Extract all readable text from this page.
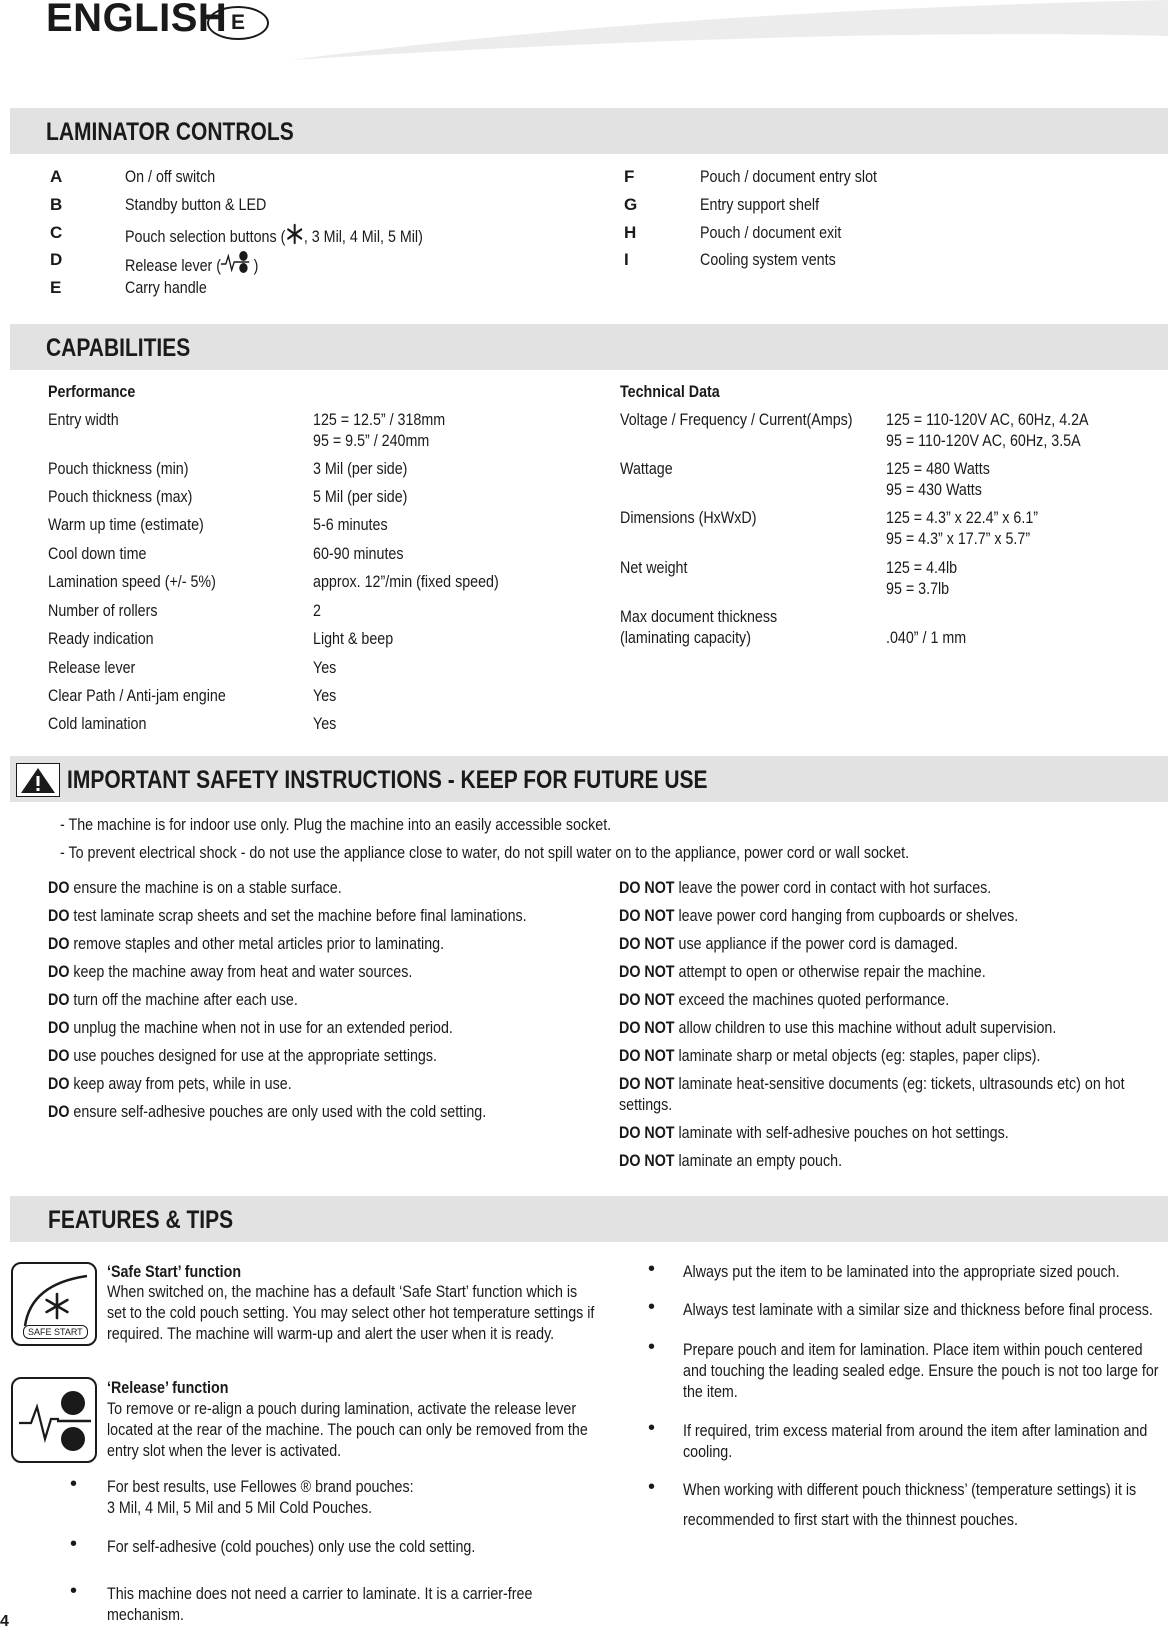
ENGLISH E
LAMINATOR CONTROLS
A	On / off switch
B	Standby button & LED
C	Pouch selection buttons ( , 3 Mil, 4 Mil, 5 Mil)
D	Release lever ( )
E	Carry handle
F	Pouch / document entry slot
G	Entry support shelf
H	Pouch / document exit
I	Cooling system vents
CAPABILITIES
Performance
Entry width	125 = 12.5” / 318mm
95 = 9.5” / 240mm
Pouch thickness (min)	3 Mil (per side)
Pouch thickness (max)	5 Mil (per side)
Warm up time (estimate)	5-6 minutes
Cool down time	60-90 minutes
Lamination speed (+/- 5%)	approx. 12”/min (fixed speed)
Number of rollers	2
Ready indication	Light & beep
Release lever	Yes
Clear Path / Anti-jam engine	Yes
Cold lamination	Yes
Technical Data
Voltage / Frequency / Current(Amps) 125 = 110-120V AC, 60Hz, 4.2A
95 = 110-120V AC, 60Hz, 3.5A
Wattage	125 = 480 Watts
95 = 430 Watts
Dimensions (HxWxD)	125 = 4.3” x 22.4” x 6.1”
95 = 4.3” x 17.7” x 5.7”
Net weight	125 = 4.4lb
95 = 3.7lb
Max document thickness
(laminating capacity)	.040” / 1 mm
IMPORTANT SAFETY INSTRUCTIONS - KEEP FOR FUTURE USE
- The machine is for indoor use only. Plug the machine into an easily accessible socket.
- To prevent electrical shock - do not use the appliance close to water, do not spill water on to the appliance, power cord or wall socket.
DO ensure the machine is on a stable surface.
DO test laminate scrap sheets and set the machine before final laminations.
DO remove staples and other metal articles prior to laminating.
DO keep the machine away from heat and water sources.
DO turn off the machine after each use.
DO unplug the machine when not in use for an extended period.
DO use pouches designed for use at the appropriate settings.
DO keep away from pets, while in use.
DO ensure self-adhesive pouches are only used with the cold setting.
DO NOT leave the power cord in contact with hot surfaces.
DO NOT leave power cord hanging from cupboards or shelves.
DO NOT use appliance if the power cord is damaged.
DO NOT attempt to open or otherwise repair the machine.
DO NOT exceed the machines quoted performance.
DO NOT allow children to use this machine without adult supervision.
DO NOT laminate sharp or metal objects (eg: staples, paper clips).
DO NOT laminate heat-sensitive documents (eg: tickets, ultrasounds etc) on hot
settings.
DO NOT laminate with self-adhesive pouches on hot settings.
DO NOT laminate an empty pouch.
FEATURES & TIPS
SAFE START
‘Safe Start’ function
When switched on, the machine has a default ‘Safe Start’ function which is
set to the cold pouch setting. You may select other hot temperature settings if
required. The machine will warm-up and alert the user when it is ready.
‘Release’ function
To remove or re-align a pouch during lamination, activate the release lever
located at the rear of the machine. The pouch can only be removed from the
entry slot when the lever is activated.
• For best results, use Fellowes ® brand pouches:
3 Mil, 4 Mil, 5 Mil and 5 Mil Cold Pouches.
• For self-adhesive (cold pouches) only use the cold setting.
• This machine does not need a carrier to laminate. It is a carrier-free
mechanism.
• Always put the item to be laminated into the appropriate sized pouch.
• Always test laminate with a similar size and thickness before final process.
• Prepare pouch and item for lamination. Place item within pouch centered
and touching the leading sealed edge. Ensure the pouch is not too large for
the item.
• If required, trim excess material from around the item after lamination and
cooling.
• When working with different pouch thickness’ (temperature settings) it is
recommended to first start with the thinnest pouches.
4
